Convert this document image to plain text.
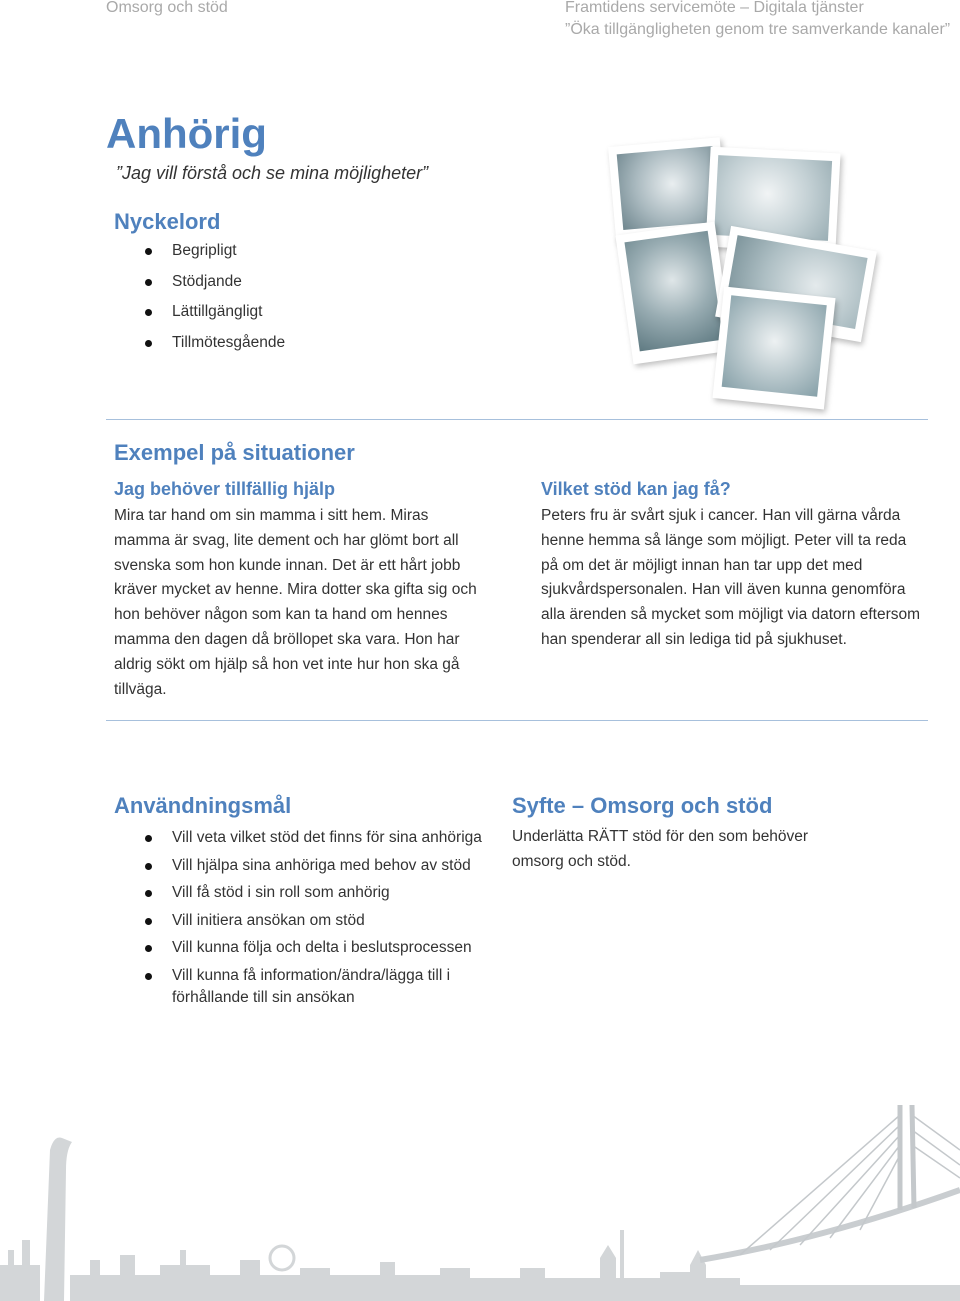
Omsorg och stöd	Framtidens servicemöte – Digitala tjänster
”Öka tillgängligheten genom tre samverkande kanaler”
Anhörig
”Jag vill förstå och se mina möjligheter”
Nyckelord
Begripligt
Stödjande
Lättillgängligt
Tillmötesgående
Exempel på situationer
Jag behöver tillfällig hjälp
Mira tar hand om sin mamma i sitt hem. Miras mamma är svag, lite dement och har glömt bort all svenska som hon kunde innan. Det är ett hårt jobb kräver mycket av henne. Mira dotter ska gifta sig och hon behöver någon som kan ta hand om hennes mamma den dagen då bröllopet ska vara. Hon har aldrig sökt om hjälp så hon vet inte hur hon ska gå tillväga.
Vilket stöd kan jag få?
Peters fru är svårt sjuk i cancer. Han vill gärna vårda henne hemma så länge som möjligt. Peter vill ta reda på om det är möjligt innan han tar upp det med sjukvårdspersonalen. Han vill även kunna genomföra alla ärenden så mycket som möjligt via datorn eftersom han spenderar all sin lediga tid på sjukhuset.
Användningsmål
Vill veta vilket stöd det finns för sina anhöriga
Vill hjälpa sina anhöriga med behov av stöd
Vill få stöd i sin roll som anhörig
Vill initiera ansökan om stöd
Vill kunna följa och delta i beslutsprocessen
Vill kunna få information/ändra/lägga till i förhållande till sin ansökan
Syfte – Omsorg och stöd
Underlätta RÄTT stöd för den som behöver omsorg och stöd.
